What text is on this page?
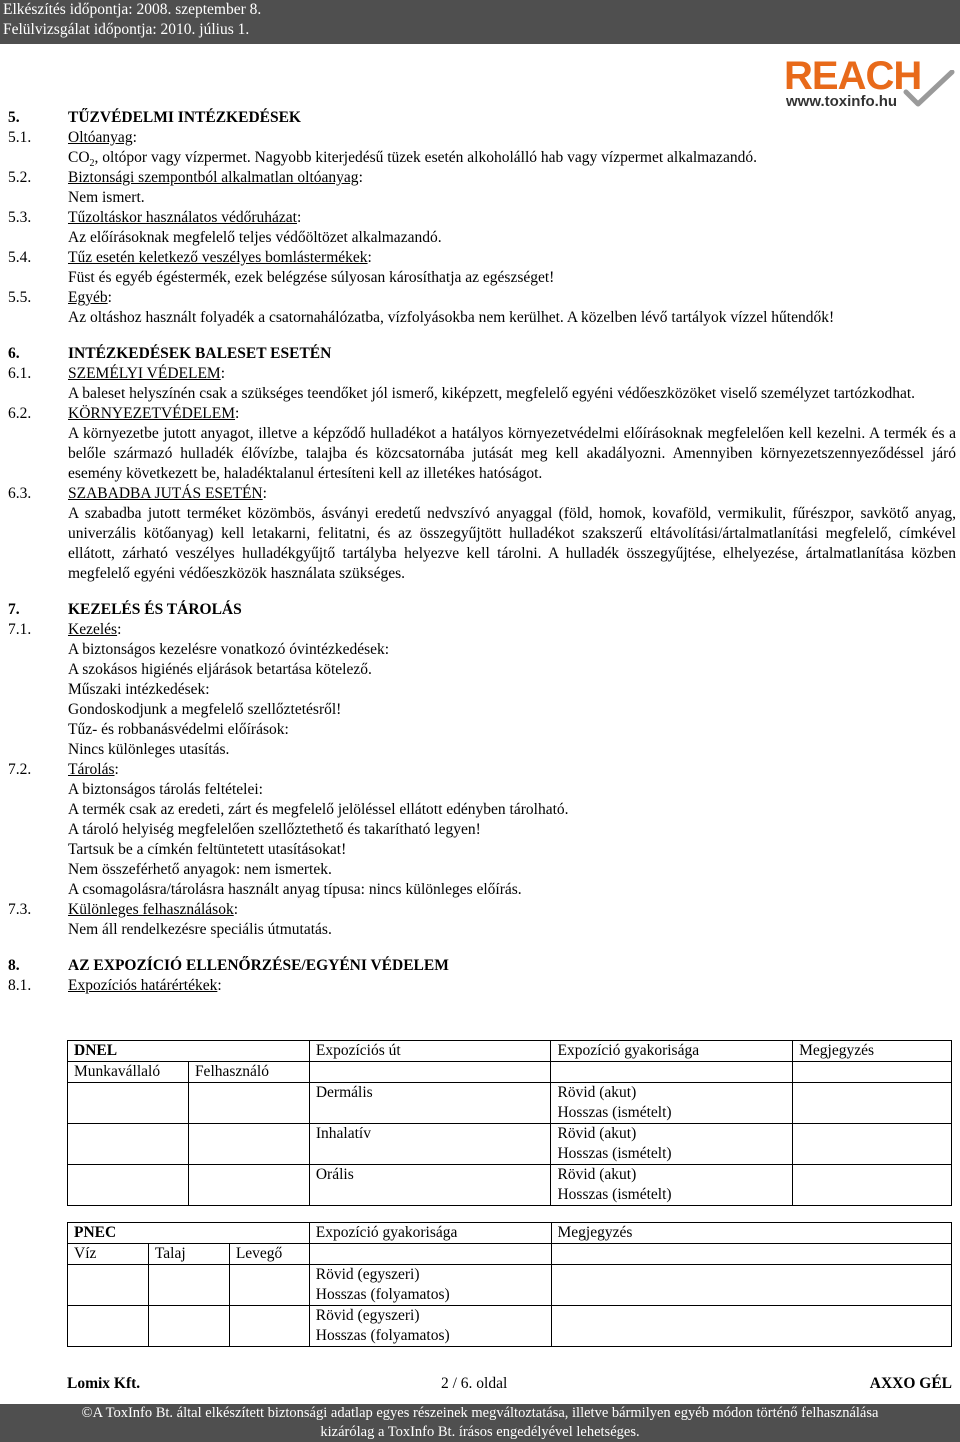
Elkészítés időpontja: 2008. szeptember 8.
Felülvizsgálat időpontja: 2010. július 1.
REACH
www.toxinfo.hu
5.	TŰZVÉDELMI INTÉZKEDÉSEK
5.1.	Oltóanyag:
$CO_2$, oltópor vagy vízpermet. Nagyobb kiterjedésű tüzek esetén alkoholálló hab vagy vízpermet alkalmazandó.
5.2.	Biztonsági szempontból alkalmatlan oltóanyag:
Nem ismert.
5.3.	Tűzoltáskor használatos védőruházat:
Az előírásoknak megfelelő teljes védőöltözet alkalmazandó.
5.4.	Tűz esetén keletkező veszélyes bomlástermékek:
Füst és egyéb égéstermék, ezek belégzése súlyosan károsíthatja az egészséget!
5.5.	Egyéb:
Az oltáshoz használt folyadék a csatornahálózatba, vízfolyásokba nem kerülhet. A közelben lévő tartályok vízzel hűtendők!
6.	INTÉZKEDÉSEK BALESET ESETÉN
6.1.	SZEMÉLYI VÉDELEM:
A baleset helyszínén csak a szükséges teendőket jól ismerő, kiképzett, megfelelő egyéni védőeszközöket viselő személyzet tartózkodhat.
6.2.	KÖRNYEZETVÉDELEM:
A környezetbe jutott anyagot, illetve a képződő hulladékot a hatályos környezetvédelmi előírásoknak megfelelően kell kezelni. A termék és a belőle származó hulladék élővízbe, talajba és közcsatornába jutását meg kell akadályozni. Amennyiben környezetszennyeződéssel járó esemény következett be, haladéktalanul értesíteni kell az illetékes hatóságot.
6.3.	SZABADBA JUTÁS ESETÉN:
A szabadba jutott terméket közömbös, ásványi eredetű nedvszívó anyaggal (föld, homok, kovaföld, vermikulit, fűrészpor, savkötő anyag, univerzális kötőanyag) kell letakarni, felitatni, és az összegyűjtött hulladékot szakszerű eltávolítási/ártalmatlanítási megfelelő, címkével ellátott, zárható veszélyes hulladékgyűjtő tartályba helyezve kell tárolni. A hulladék összegyűjtése, elhelyezése, ártalmatlanítása közben megfelelő egyéni védőeszközök használata szükséges.
7.	KEZELÉS ÉS TÁROLÁS
7.1.	Kezelés:
A biztonságos kezelésre vonatkozó óvintézkedések:
A szokásos higiénés eljárások betartása kötelező.
Műszaki intézkedések:
Gondoskodjunk a megfelelő szellőztetésről!
Tűz- és robbanásvédelmi előírások:
Nincs különleges utasítás.
7.2.	Tárolás:
A biztonságos tárolás feltételei:
A termék csak az eredeti, zárt és megfelelő jelöléssel ellátott edényben tárolható.
A tároló helyiség megfelelően szellőztethető és takarítható legyen!
Tartsuk be a címkén feltüntetett utasításokat!
Nem összeférhető anyagok: nem ismertek.
A csomagolásra/tárolásra használt anyag típusa: nincs különleges előírás.
7.3.	Különleges felhasználások:
Nem áll rendelkezésre speciális útmutatás.
8.	AZ EXPOZÍCIÓ ELLENŐRZÉSE/EGYÉNI VÉDELEM
8.1.	Expozíciós határértékek:
DNEL		Expozíciós út	Expozíció gyakorisága	Megjegyzés
Munkavállaló	Felhasználó			
		Dermális	Rövid (akut)
Hosszas (ismételt)	

		Inhalatív	Rövid (akut)
Hosszas (ismételt)	

		Orális	Rövid (akut)
Hosszas (ismételt)	

PNEC			Expozíció gyakorisága	Megjegyzés
Víz	Talaj	Levegő		

			Rövid (egyszeri)
Hosszas (folyamatos)	

			Rövid (egyszeri)
Hosszas (folyamatos)	

Lomix Kft.	2 / 6. oldal	AXXO GÉL
©A ToxInfo Bt. által elkészített biztonsági adatlap egyes részeinek megváltoztatása, illetve bármilyen egyéb módon történő felhasználása
kizárólag a ToxInfo Bt. írásos engedélyével lehetséges.
